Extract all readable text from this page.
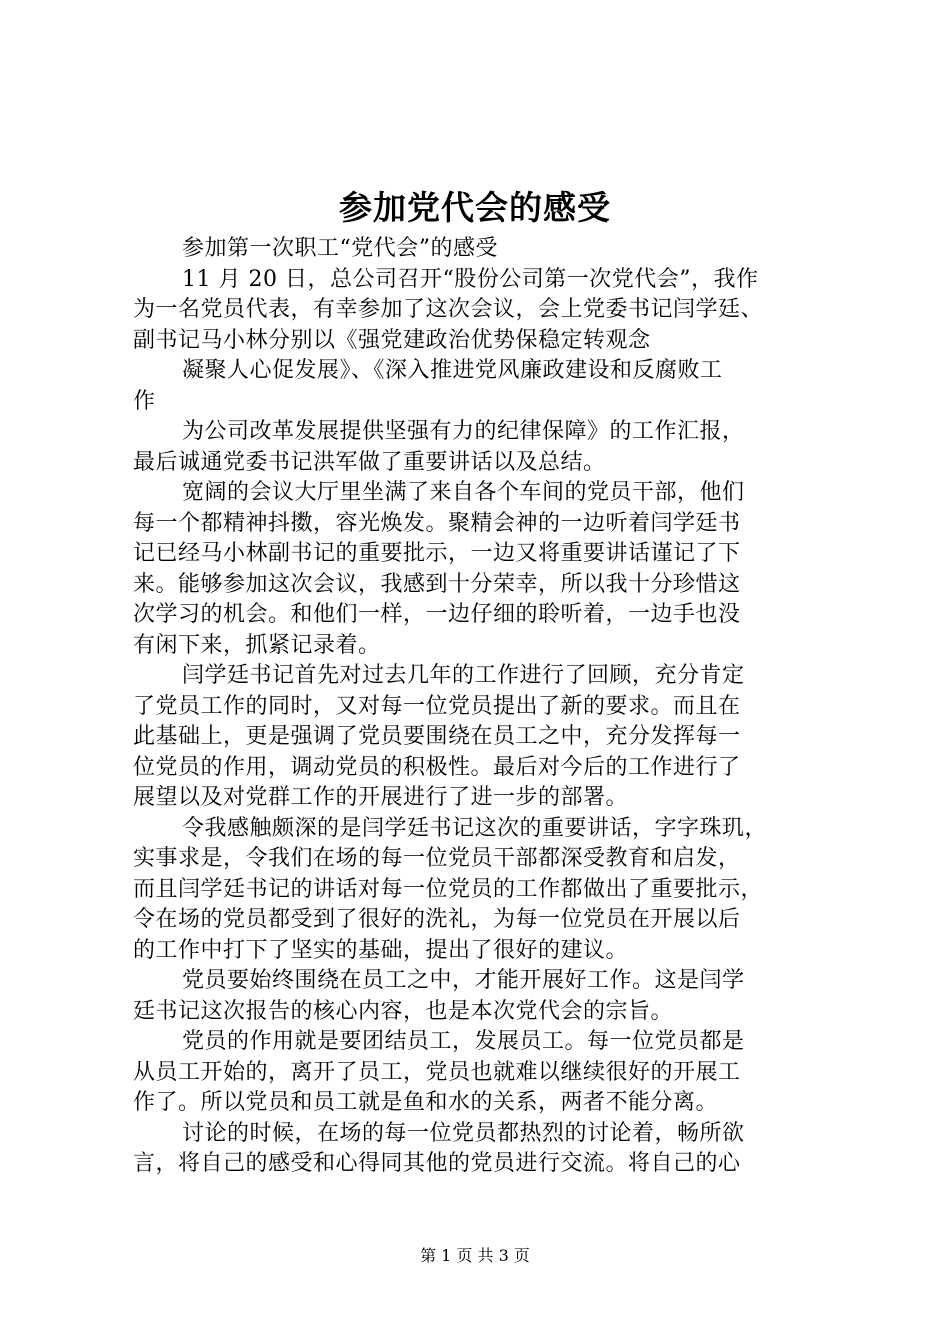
参加党代会的感受
参加第一次职工“党代会”的感受
11 月 20 日，总公司召开“股份公司第一次党代会”，我作
为一名党员代表，有幸参加了这次会议，会上党委书记闫学廷、
副书记马小林分别以《强党建政治优势保稳定转观念
凝聚人心促发展》、《深入推进党风廉政建设和反腐败工
作
为公司改革发展提供坚强有力的纪律保障》的工作汇报，
最后诚通党委书记洪军做了重要讲话以及总结。
宽阔的会议大厅里坐满了来自各个车间的党员干部，他们
每一个都精神抖擞，容光焕发。聚精会神的一边听着闫学廷书
记已经马小林副书记的重要批示，一边又将重要讲话谨记了下
来。能够参加这次会议，我感到十分荣幸，所以我十分珍惜这
次学习的机会。和他们一样，一边仔细的聆听着，一边手也没
有闲下来，抓紧记录着。
闫学廷书记首先对过去几年的工作进行了回顾，充分肯定
了党员工作的同时，又对每一位党员提出了新的要求。而且在
此基础上，更是强调了党员要围绕在员工之中，充分发挥每一
位党员的作用，调动党员的积极性。最后对今后的工作进行了
展望以及对党群工作的开展进行了进一步的部署。
令我感触颇深的是闫学廷书记这次的重要讲话，字字珠玑，
实事求是，令我们在场的每一位党员干部都深受教育和启发，
而且闫学廷书记的讲话对每一位党员的工作都做出了重要批示，
令在场的党员都受到了很好的洗礼，为每一位党员在开展以后
的工作中打下了坚实的基础，提出了很好的建议。
党员要始终围绕在员工之中，才能开展好工作。这是闫学
廷书记这次报告的核心内容，也是本次党代会的宗旨。
党员的作用就是要团结员工，发展员工。每一位党员都是
从员工开始的，离开了员工，党员也就难以继续很好的开展工
作了。所以党员和员工就是鱼和水的关系，两者不能分离。
讨论的时候，在场的每一位党员都热烈的讨论着，畅所欲
言，将自己的感受和心得同其他的党员进行交流。将自己的心
第 1 页 共 3 页
